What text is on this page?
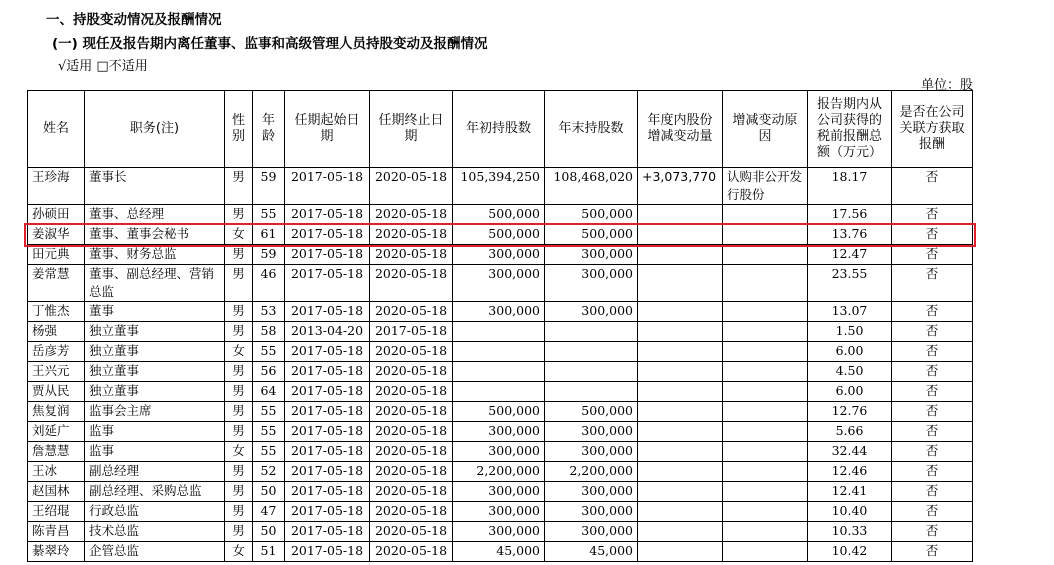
一、持股变动情况及报酬情况
(一) 现任及报告期内离任董事、监事和高级管理人员持股变动及报酬情况
√适用 □不适用
单位：股
姓名	职务(注)	性别	年龄	任期起始日期	任期终止日期	年初持股数	年末持股数	年度内股份增减变动量	增减变动原因	报告期内从公司获得的税前报酬总额（万元）	是否在公司关联方获取报酬
王珍海	董事长	男	59	2017-05-18	2020-05-18	105,394,250	108,468,020	+3,073,770	认购非公开发行股份	18.17	否
孙硕田	董事、总经理	男	55	2017-05-18	2020-05-18	500,000	500,000			17.56	否
姜淑华	董事、董事会秘书	女	61	2017-05-18	2020-05-18	500,000	500,000			13.76	否
田元典	董事、财务总监	男	59	2017-05-18	2020-05-18	300,000	300,000			12.47	否
姜常慧	董事、副总经理、营销总监	男	46	2017-05-18	2020-05-18	300,000	300,000			23.55	否
丁惟杰	董事	男	53	2017-05-18	2020-05-18	300,000	300,000			13.07	否
杨强	独立董事	男	58	2013-04-20	2017-05-18					1.50	否
岳彦芳	独立董事	女	55	2017-05-18	2020-05-18					6.00	否
王兴元	独立董事	男	56	2017-05-18	2020-05-18					4.50	否
贾从民	独立董事	男	64	2017-05-18	2020-05-18					6.00	否
焦复润	监事会主席	男	55	2017-05-18	2020-05-18	500,000	500,000			12.76	否
刘延广	监事	男	55	2017-05-18	2020-05-18	300,000	300,000			5.66	否
詹慧慧	监事	女	55	2017-05-18	2020-05-18	300,000	300,000			32.44	否
王冰	副总经理	男	52	2017-05-18	2020-05-18	2,200,000	2,200,000			12.46	否
赵国林	副总经理、采购总监	男	50	2017-05-18	2020-05-18	300,000	300,000			12.41	否
王绍琨	行政总监	男	47	2017-05-18	2020-05-18	300,000	300,000			10.40	否
陈青昌	技术总监	男	50	2017-05-18	2020-05-18	300,000	300,000			10.33	否
綦翠玲	企管总监	女	51	2017-05-18	2020-05-18	45,000	45,000			10.42	否
